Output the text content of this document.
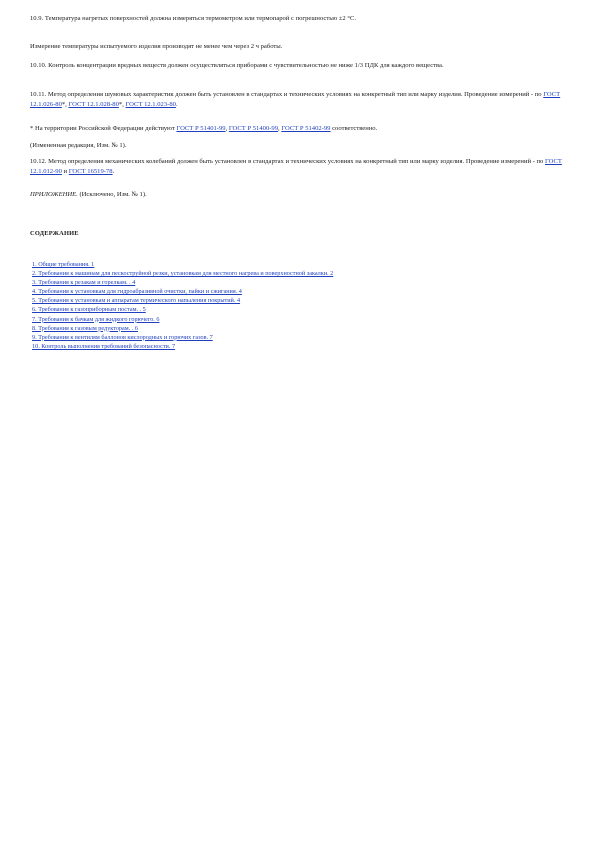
10.9. Температура нагретых поверхностей должна измеряться термометром или термопарой с погрешностью ±2 °С.

Измерение температуры испытуемого изделия производят не менее чем через 2 ч работы.

10.10. Контроль концентрации вредных веществ должен осуществляться приборами с чувствительностью не ниже 1/3 ПДК для каждого вещества.

10.11. Метод определения шумовых характеристик должен быть установлен в стандартах и технических условиях на конкретный тип или марку изделия. Проведение измерений - по ГОСТ 12.1.026-80*, ГОСТ 12.1.028-80*, ГОСТ 12.1.023-80.

* На территории Российской Федерации действуют ГОСТ Р 51401-99, ГОСТ Р 51400-99, ГОСТ Р 51402-99 соответственно.

(Измененная редакция, Изм. № 1).

10.12. Метод определения механических колебаний должен быть установлен в стандартах и технических условиях на конкретный тип или марку изделия. Проведение измерений - по ГОСТ 12.1.012-90 и ГОСТ 16519-78.

ПРИЛОЖЕНИЕ. (Исключено, Изм. № 1).

СОДЕРЖАНИЕ
1. Общие требования. 1
2. Требования к машинам для пескоструйной резки, установкам для местного нагрева и поверхностной закалки. 2
3. Требования к резакам и горелкам. . 4
4. Требования к установкам для гидроабразивной очистки, пайки и сжигания. 4
5. Требования к установкам и аппаратам термического напыления покрытий. 4
6. Требования к газоприборным постам. . 5
7. Требования к бачкам для жидкого горючего. 6
8. Требования к газовым редукторам. . 6
9. Требования к вентилям баллонов кислородных и горючих газов. 7
10. Контроль выполнения требований безопасности. 7
